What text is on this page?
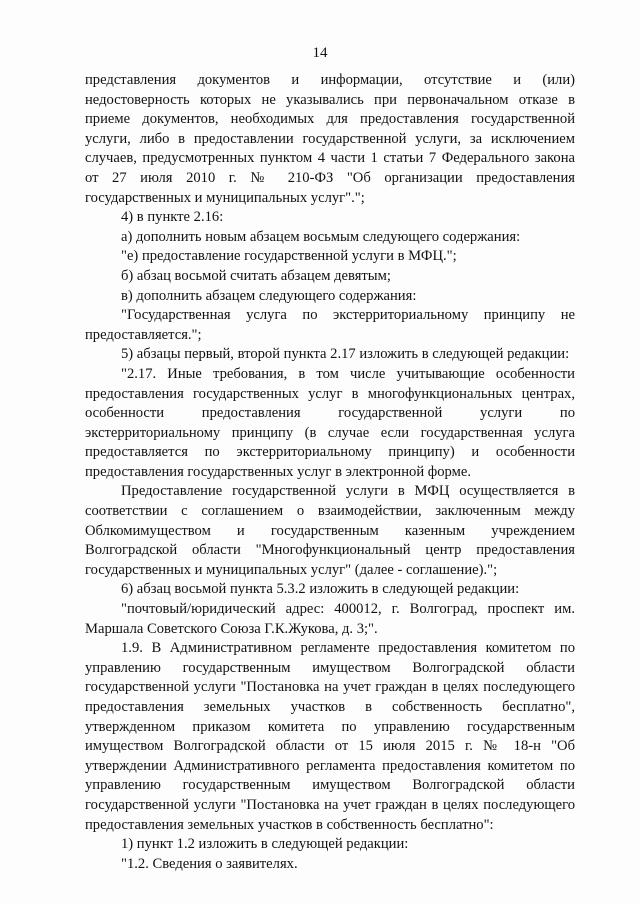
14

представления документов и информации, отсутствие и (или) недостоверность которых не указывались при первоначальном отказе в приеме документов, необходимых для предоставления государственной услуги, либо в предоставлении государственной услуги, за исключением случаев, предусмотренных пунктом 4 части 1 статьи 7 Федерального закона от 27 июля 2010 г. № 210-ФЗ "Об организации предоставления государственных и муниципальных услуг".";

4) в пункте 2.16:

а) дополнить новым абзацем восьмым следующего содержания:

"е) предоставление государственной услуги в МФЦ.";

б) абзац восьмой считать абзацем девятым;

в) дополнить абзацем следующего содержания:

"Государственная услуга по экстерриториальному принципу не предоставляется.";

5) абзацы первый, второй пункта 2.17 изложить в следующей редакции:

"2.17. Иные требования, в том числе учитывающие особенности предоставления государственных услуг в многофункциональных центрах, особенности предоставления государственной услуги по экстерриториальному принципу (в случае если государственная услуга предоставляется по экстерриториальному принципу) и особенности предоставления государственных услуг в электронной форме.

Предоставление государственной услуги в МФЦ осуществляется в соответствии с соглашением о взаимодействии, заключенным между Облкомимуществом и государственным казенным учреждением Волгоградской области "Многофункциональный центр предоставления государственных и муниципальных услуг" (далее - соглашение).";

6) абзац восьмой пункта 5.3.2 изложить в следующей редакции:

"почтовый/юридический адрес: 400012, г. Волгоград, проспект им. Маршала Советского Союза Г.К.Жукова, д. 3;".

1.9. В Административном регламенте предоставления комитетом по управлению государственным имуществом Волгоградской области государственной услуги "Постановка на учет граждан в целях последующего предоставления земельных участков в собственность бесплатно", утвержденном приказом комитета по управлению государственным имуществом Волгоградской области от 15 июля 2015 г. № 18-н "Об утверждении Административного регламента предоставления комитетом по управлению государственным имуществом Волгоградской области государственной услуги "Постановка на учет граждан в целях последующего предоставления земельных участков в собственность бесплатно":

1) пункт 1.2 изложить в следующей редакции:

"1.2. Сведения о заявителях.
